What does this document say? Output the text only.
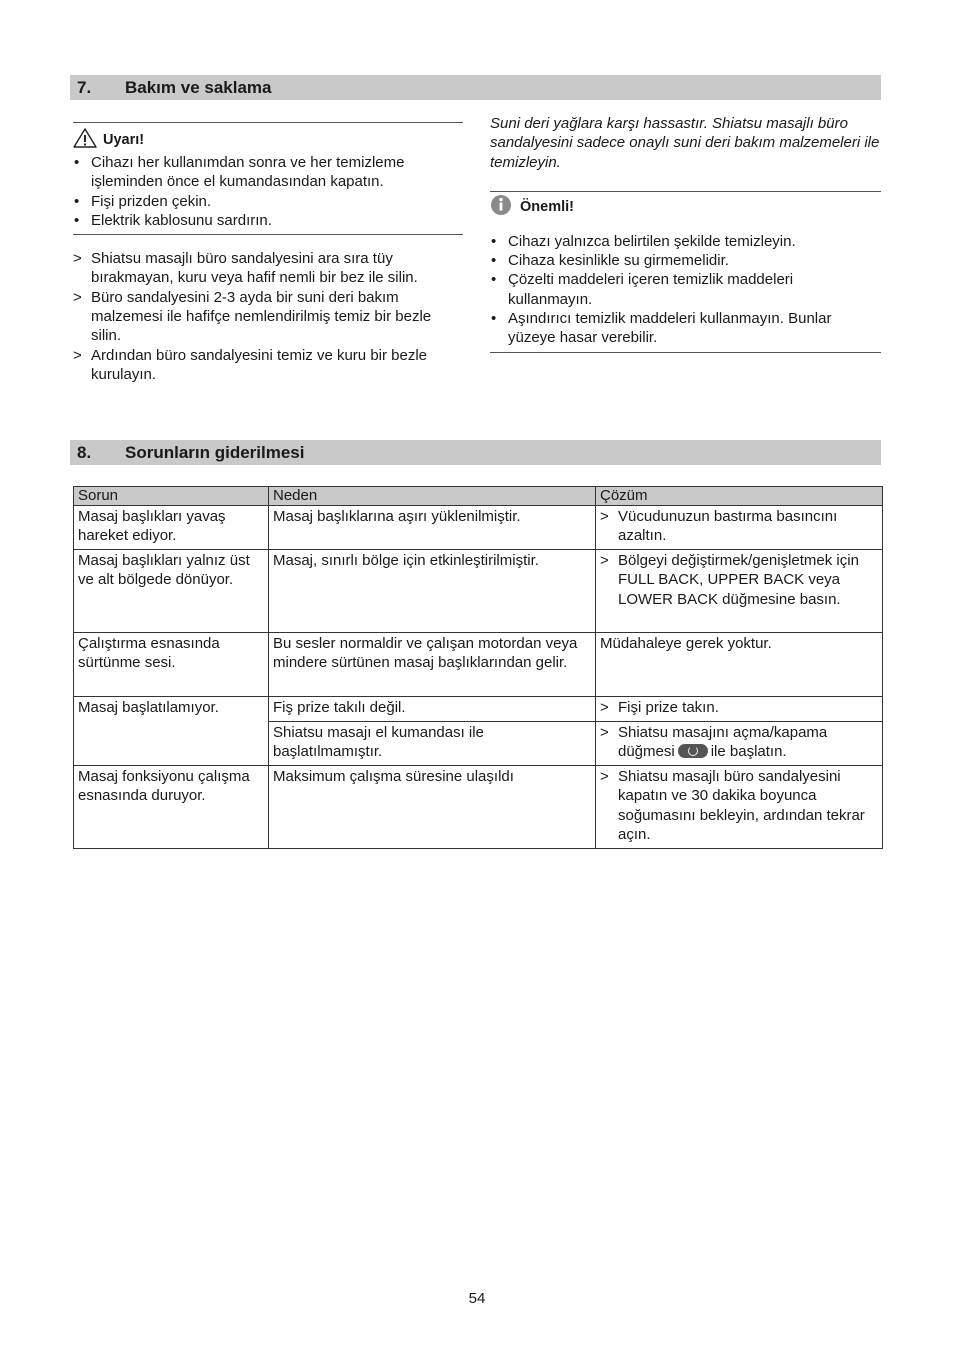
7. Bakım ve saklama
Uyarı!
• Cihazı her kullanımdan sonra ve her temizleme işleminden önce el kumandasından kapatın.
• Fişi prizden çekin.
• Elektrik kablosunu sardırın.
> Shiatsu masajlı büro sandalyesini ara sıra tüy bırakmayan, kuru veya hafif nemli bir bez ile silin.
> Büro sandalyesini 2-3 ayda bir suni deri bakım malzemesi ile hafifçe nemlendirilmiş temiz bir bezle silin.
> Ardından büro sandalyesini temiz ve kuru bir bezle kurulayın.

Suni deri yağlara karşı hassastır. Shiatsu masajlı büro sandalyesini sadece onaylı suni deri bakım malzemeleri ile temizleyin.

Önemli!
• Cihazı yalnızca belirtilen şekilde temizleyin.
• Cihaza kesinlikle su girmemelidir.
• Çözelti maddeleri içeren temizlik maddeleri kullanmayın.
• Aşındırıcı temizlik maddeleri kullanmayın. Bunlar yüzeye hasar verebilir.
8. Sorunların giderilmesi
Sorun	Neden	Çözüm
Masaj başlıkları yavaş hareket ediyor.	Masaj başlıklarına aşırı yüklenilmiştir.	> Vücudunuzun bastırma basıncını azaltın.

Masaj başlıkları yalnız üst ve alt bölgede dönüyor.	Masaj, sınırlı bölge için etkinleştirilmiştir.	> Bölgeyi değiştirmek/genişletmek için FULL BACK, UPPER BACK veya LOWER BACK düğmesine basın.

Çalıştırma esnasında sürtünme sesi.	Bu sesler normaldir ve çalışan motordan veya mindere sürtünen masaj başlıklarından gelir.	Müdahaleye gerek yoktur.
Masaj başlatılamıyor.	Fiş prize takılı değil.	> Fişi prize takın.

	Shiatsu masajı el kumandası ile başlatılmamıştır.	> Shiatsu masajını açma/kapama düğmesi ile başlatın.

Masaj fonksiyonu çalışma esnasında duruyor.	Maksimum çalışma süresine ulaşıldı	> Shiatsu masajlı büro sandalyesini kapatın ve 30 dakika boyunca soğumasını bekleyin, ardından tekrar açın.
54
